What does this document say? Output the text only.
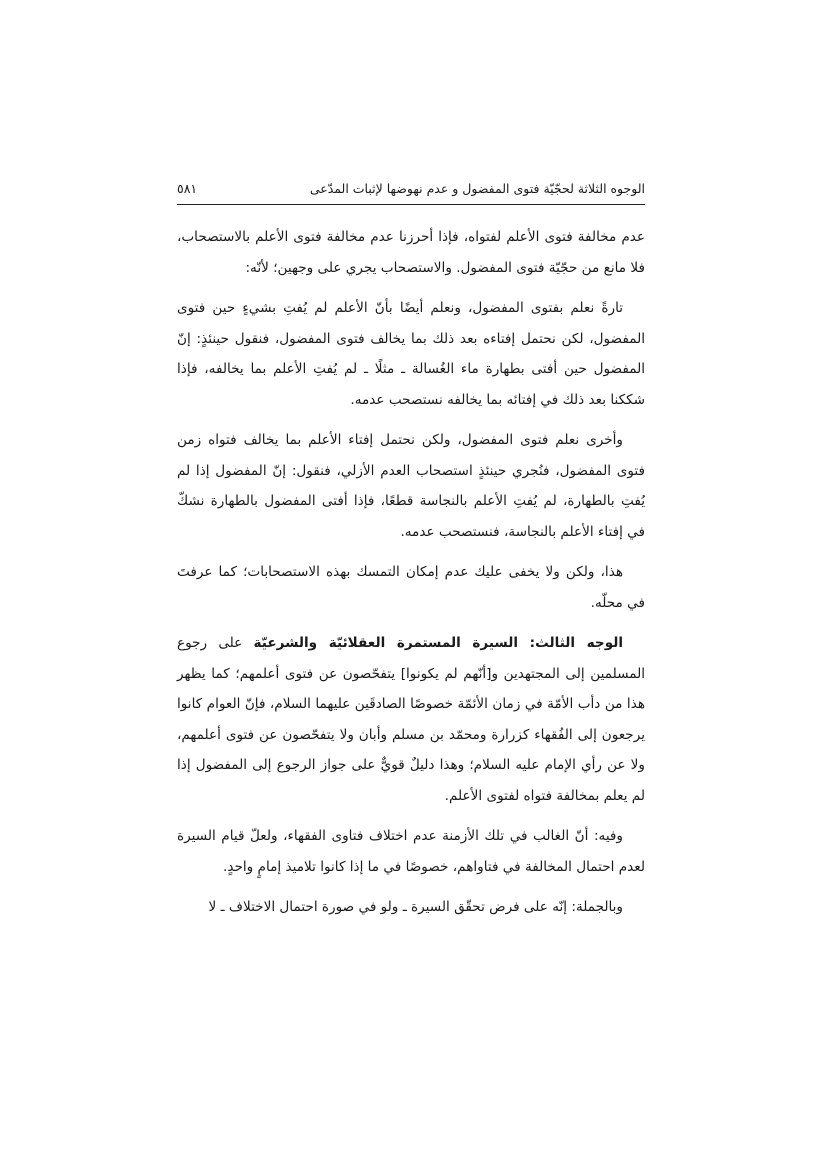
الوجوه الثلاثة لحجّيّة فتوى المفضول و عدم نهوضها لإثبات المدّعى
٥٨١

عدم مخالفة فتوى الأعلم لفتواه، فإذا أحرزنا عدم مخالفة فتوى الأعلم بالاستصحاب، فلا مانع من حجّيّة فتوى المفضول. والاستصحاب يجري على وجهين؛ لأنّه:

تارةً نعلم بفتوى المفضول، ونعلم أيضًا بأنّ الأعلم لم يُفتِ بشيءٍ حين فتوى المفضول، لكن نحتمل إفتاءه بعد ذلك بما يخالف فتوى المفضول، فنقول حينئذٍ: إنّ المفضول حين أفتى بطهارة ماء الغُسالة ـ مثلًا ـ لم يُفتِ الأعلم بما يخالفه، فإذا شككنا بعد ذلك في إفتائه بما يخالفه نستصحب عدمه.

وأخرى نعلم فتوى المفضول، ولكن نحتمل إفتاء الأعلم بما يخالف فتواه زمن فتوى المفضول، فنُجري حينئذٍ استصحاب العدم الأزلي، فنقول: إنّ المفضول إذا لم يُفتِ بالطهارة، لم يُفتِ الأعلم بالنجاسة قطعًا، فإذا أفتى المفضول بالطهارة نشكّ في إفتاء الأعلم بالنجاسة، فنستصحب عدمه.

هذا، ولكن ولا يخفى عليك عدم إمكان التمسك بهذه الاستصحابات؛ كما عرفتَ في محلّه.

الوجه الثالث: السيرة المستمرة العقلائيّة والشرعيّة على رجوع المسلمين إلى المجتهدين و[أنّهم لم يكونوا] يتفحّصون عن فتوى أعلمهم؛ كما يظهر هذا من دأب الأمّة في زمان الأئمّة خصوصًا الصادقَين عليهما السلام، فإنّ العوام كانوا يرجعون إلى الفُقهاء كزرارة ومحمّد بن مسلم وأبان ولا يتفحّصون عن فتوى أعلمهم، ولا عن رأي الإمام عليه السلام؛ وهذا دليلٌ قويٌّ على جواز الرجوع إلى المفضول إذا لم يعلم بمخالفة فتواه لفتوى الأعلم.

وفيه: أنّ الغالب في تلك الأزمنة عدم اختلاف فتاوى الفقهاء، ولعلّ قيام السيرة لعدم احتمال المخالفة في فتاواهم، خصوصًا في ما إذا كانوا تلاميذ إمامٍ واحدٍ.

وبالجملة: إنّه على فرض تحقّق السيرة ـ ولو في صورة احتمال الاختلاف ـ لا
